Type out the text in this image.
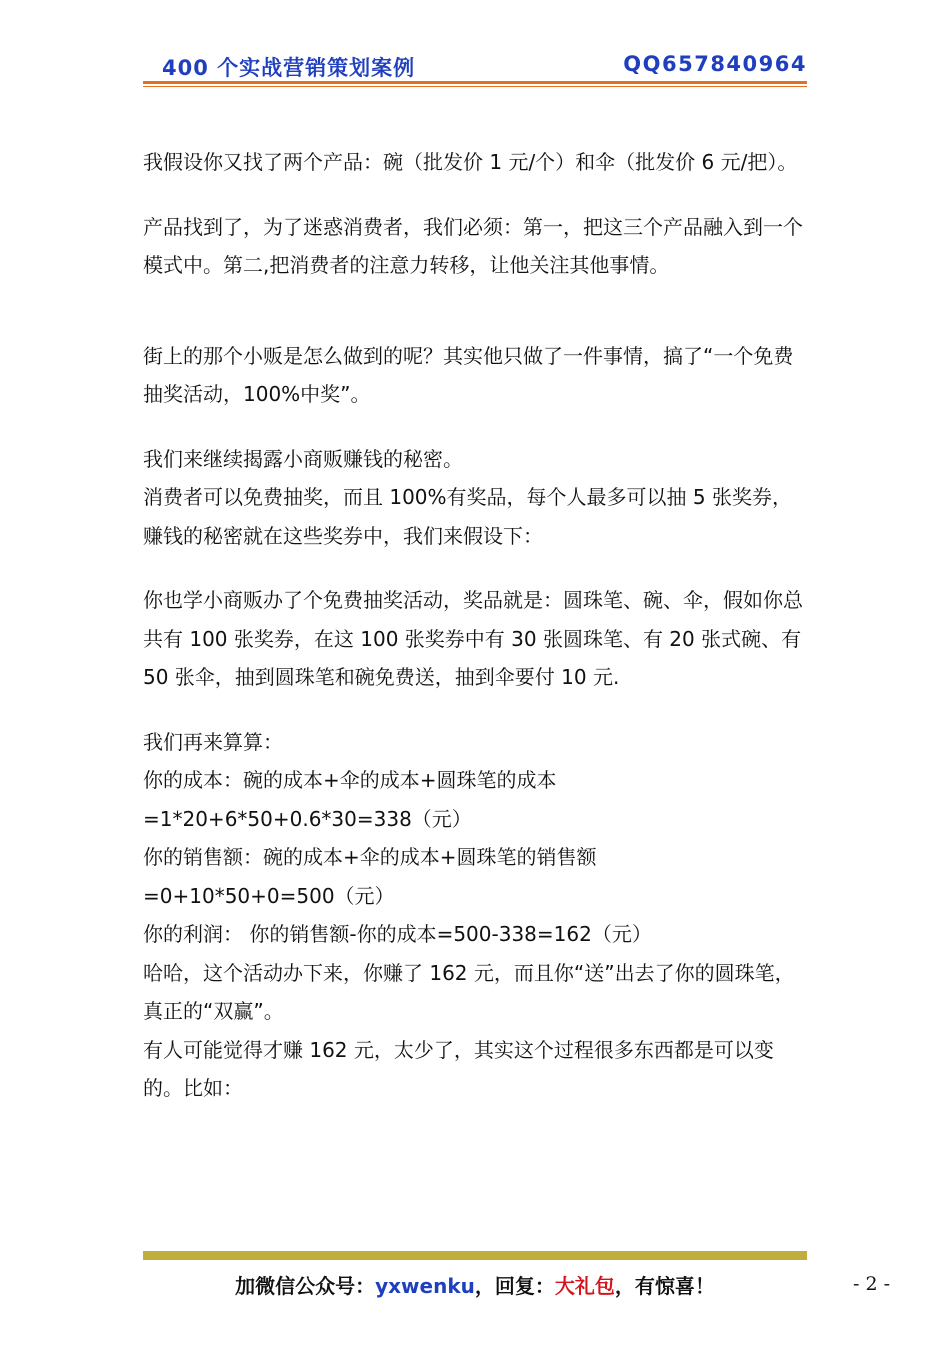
400 个实战营销策划案例	QQ657840964

我假设你又找了两个产品：碗（批发价 1 元/个）和伞（批发价 6 元/把）。

产品找到了，为了迷惑消费者，我们必须：第一，把这三个产品融入到一个模式中。第二,把消费者的注意力转移，让他关注其他事情。

街上的那个小贩是怎么做到的呢？其实他只做了一件事情，搞了“一个免费抽奖活动，100%中奖”。

我们来继续揭露小商贩赚钱的秘密。

消费者可以免费抽奖，而且 100%有奖品，每个人最多可以抽 5 张奖券，赚钱的秘密就在这些奖券中，我们来假设下：

你也学小商贩办了个免费抽奖活动，奖品就是：圆珠笔、碗、伞，假如你总共有 100 张奖券，在这 100 张奖券中有 30 张圆珠笔、有 20 张式碗、有 50 张伞，抽到圆珠笔和碗免费送，抽到伞要付 10 元.

我们再来算算：

你的成本：碗的成本+伞的成本+圆珠笔的成本

=1*20+6*50+0.6*30=338（元）

你的销售额：碗的成本+伞的成本+圆珠笔的销售额

=0+10*50+0=500（元）

你的利润： 你的销售额-你的成本=500-338=162（元）

哈哈，这个活动办下来，你赚了 162 元，而且你“送”出去了你的圆珠笔，真正的“双赢”。

有人可能觉得才赚 162 元，太少了，其实这个过程很多东西都是可以变的。比如：

加微信公众号：yxwenku，回复：大礼包，有惊喜！	- 2 -
